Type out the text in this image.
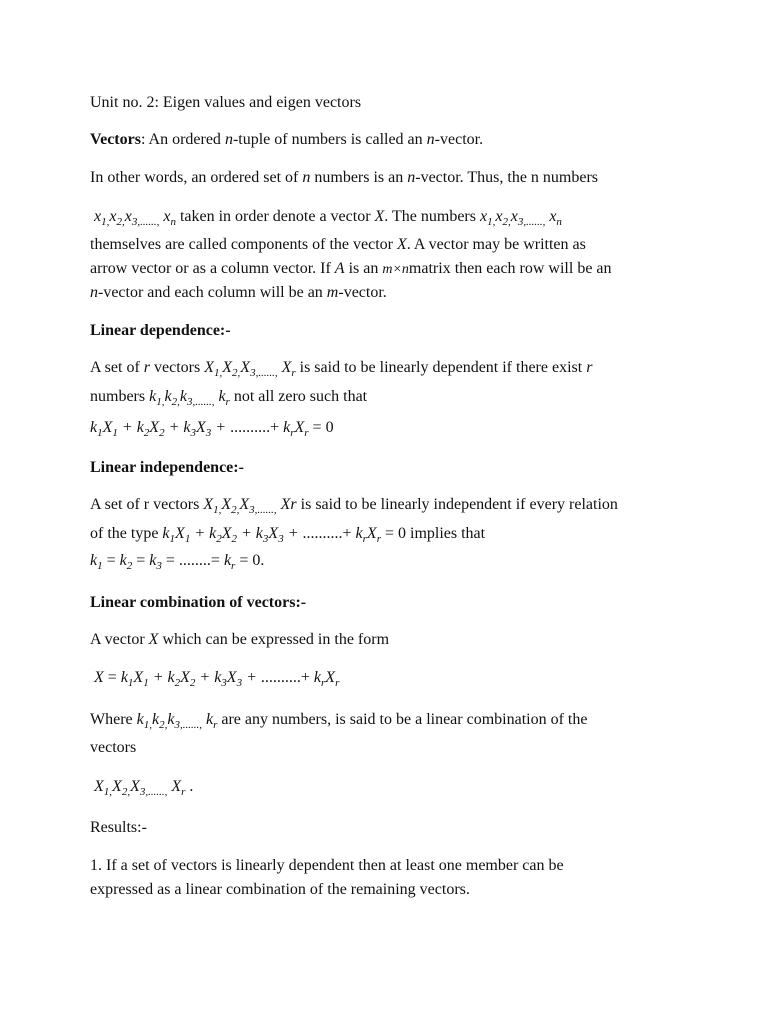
Unit no. 2: Eigen values and eigen vectors
Vectors: An ordered n-tuple of numbers is called an n-vector.
In other words, an ordered set of n numbers is an n-vector. Thus, the n numbers
$x_{1,}x_{2,}x_{3,......,}$ $x_n$ taken in order denote a vector X. The numbers $x_{1,}x_{2,}x_{3,......,}$ $x_n$
themselves are called components of the vector X. A vector may be written as
arrow vector or as a column vector. If A is an m×nmatrix then each row will be an
n-vector and each column will be an m-vector.
Linear dependence:-
A set of r vectors $X_{1,}X_{2,}X_{3,......,}$ $X_r$ is said to be linearly dependent if there exist r
numbers $k_{1,}k_{2,}k_{3,......,}$ $k_r$ not all zero such that
$k_1X_1 + k_2X_2 + k_3X_3$ + ..........+ $k_rX_r = 0$
Linear independence:-
A set of r vectors $X_{1,}X_{2,}X_{3,......,}$ Xr is said to be linearly independent if every relation
of the type $k_1X_1 + k_2X_2 + k_3X_3$ + ..........+ $k_rX_r = 0$ implies that
$k_1 = k_2 = k_3$ = ........= $k_r = 0$.
Linear combination of vectors:-
A vector X which can be expressed in the form
$X = k_1X_1 + k_2X_2 + k_3X_3$ + ..........+ $k_rX_r$
Where $k_{1,}k_{2,}k_{3,......,}$ $k_r$ are any numbers, is said to be a linear combination of the
vectors
$X_{1,}X_{2,}X_{3,......,}$ $X_r$ .
Results:-
1. If a set of vectors is linearly dependent then at least one member can be
expressed as a linear combination of the remaining vectors.
